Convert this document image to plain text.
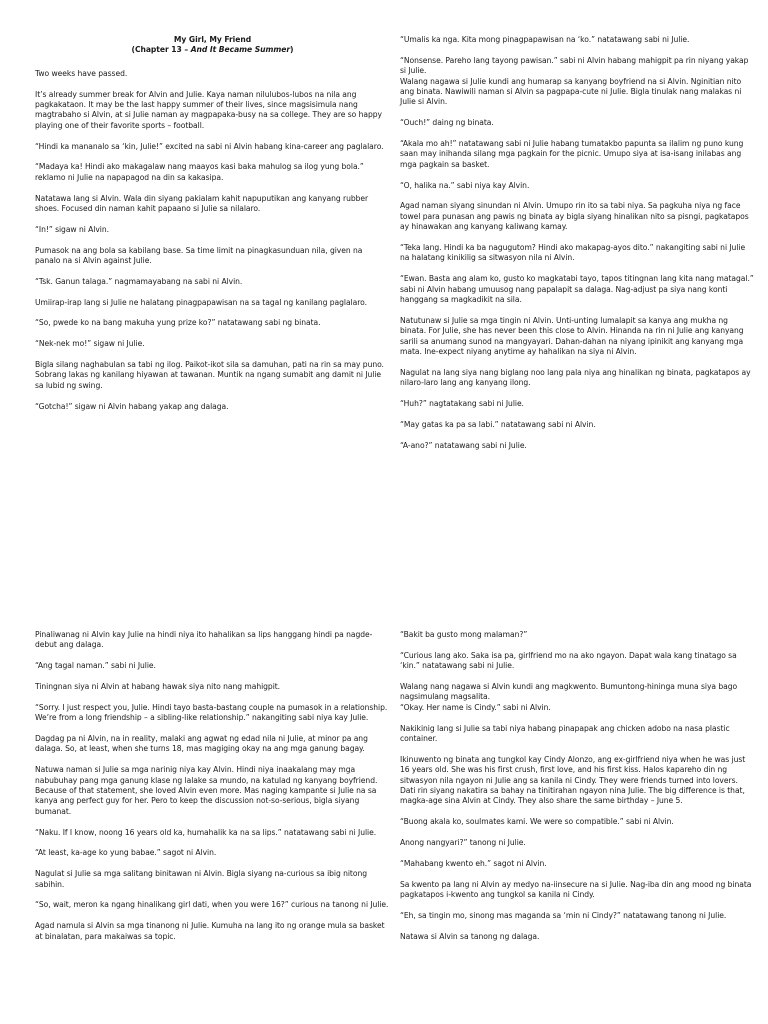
My Girl, My Friend
(Chapter 13 – And It Became Summer)

Two weeks have passed.

It’s already summer break for Alvin and Julie. Kaya naman nilulubos-lubos na nila ang pagkakataon. It may be the last happy summer of their lives, since magsisimula nang magtrabaho si Alvin, at si Julie naman ay magpapaka-busy na sa college. They are so happy playing one of their favorite sports – football.

“Hindi ka mananalo sa ‘kin, Julie!” excited na sabi ni Alvin habang kina-career ang paglalaro.

“Madaya ka! Hindi ako makagalaw nang maayos kasi baka mahulog sa ilog yung bola.” reklamo ni Julie na napapagod na din sa kakasipa.

Natatawa lang si Alvin. Wala din siyang pakialam kahit napuputikan ang kanyang rubber shoes. Focused din naman kahit papaano si Julie sa nilalaro.

“In!” sigaw ni Alvin.

Pumasok na ang bola sa kabilang base. Sa time limit na pinagkasunduan nila, given na panalo na si Alvin against Julie.

“Tsk. Ganun talaga.” nagmamayabang na sabi ni Alvin.

Umiirap-irap lang si Julie ne halatang pinagpapawisan na sa tagal ng kanilang paglalaro.

“So, pwede ko na bang makuha yung prize ko?” natatawang sabi ng binata.

“Nek-nek mo!” sigaw ni Julie.

Bigla silang naghabulan sa tabi ng ilog. Paikot-ikot sila sa damuhan, pati na rin sa may puno. Sobrang lakas ng kanilang hiyawan at tawanan. Muntik na ngang sumabit ang damit ni Julie sa lubid ng swing.

“Gotcha!” sigaw ni Alvin habang yakap ang dalaga.

“Umalis ka nga. Kita mong pinagpapawisan na ‘ko.” natatawang sabi ni Julie.

“Nonsense. Pareho lang tayong pawisan.” sabi ni Alvin habang mahigpit pa rin niyang yakap si Julie.
Walang nagawa si Julie kundi ang humarap sa kanyang boyfriend na si Alvin. Nginitian nito ang binata. Nawiwili naman si Alvin sa pagpapa-cute ni Julie. Bigla tinulak nang malakas ni Julie si Alvin.

“Ouch!” daing ng binata.

“Akala mo ah!” natatawang sabi ni Julie habang tumatakbo papunta sa ilalim ng puno kung saan may inihanda silang mga pagkain for the picnic. Umupo siya at isa-isang inilabas ang mga pagkain sa basket.

“O, halika na.” sabi niya kay Alvin.

Agad naman siyang sinundan ni Alvin. Umupo rin ito sa tabi niya. Sa pagkuha niya ng face towel para punasan ang pawis ng binata ay bigla siyang hinalikan nito sa pisngi, pagkatapos ay hinawakan ang kanyang kaliwang kamay.

“Teka lang. Hindi ka ba nagugutom? Hindi ako makapag-ayos dito.” nakangiting sabi ni Julie na halatang kinikilig sa sitwasyon nila ni Alvin.

“Ewan. Basta ang alam ko, gusto ko magkatabi tayo, tapos titingnan lang kita nang matagal.” sabi ni Alvin habang umuusog nang papalapit sa dalaga. Nag-adjust pa siya nang konti hanggang sa magkadikit na sila.

Natutunaw si Julie sa mga tingin ni Alvin. Unti-unting lumalapit sa kanya ang mukha ng binata. For Julie, she has never been this close to Alvin. Hinanda na rin ni Julie ang kanyang sarili sa anumang sunod na mangyayari. Dahan-dahan na niyang ipinikit ang kanyang mga mata. Ine-expect niyang anytime ay hahalikan na siya ni Alvin.

Nagulat na lang siya nang biglang noo lang pala niya ang hinalikan ng binata, pagkatapos ay nilaro-laro lang ang kanyang ilong.

“Huh?” nagtatakang sabi ni Julie.

“May gatas ka pa sa labi.” natatawang sabi ni Alvin.

“A-ano?” natatawang sabi ni Julie.

Pinaliwanag ni Alvin kay Julie na hindi niya ito hahalikan sa lips hanggang hindi pa nagde-debut ang dalaga.

“Ang tagal naman.” sabi ni Julie.

Tiningnan siya ni Alvin at habang hawak siya nito nang mahigpit.

“Sorry. I just respect you, Julie. Hindi tayo basta-bastang couple na pumasok in a relationship. We’re from a long friendship – a sibling-like relationship.” nakangiting sabi niya kay Julie.

Dagdag pa ni Alvin, na in reality, malaki ang agwat ng edad nila ni Julie, at minor pa ang dalaga. So, at least, when she turns 18, mas magiging okay na ang mga ganung bagay.

Natuwa naman si Julie sa mga narinig niya kay Alvin. Hindi niya inaakalang may mga nabubuhay pang mga ganung klase ng lalake sa mundo, na katulad ng kanyang boyfriend. Because of that statement, she loved Alvin even more. Mas naging kampante si Julie na sa kanya ang perfect guy for her. Pero to keep the discussion not-so-serious, bigla siyang bumanat.

“Naku. If I know, noong 16 years old ka, humahalik ka na sa lips.” natatawang sabi ni Julie.

“At least, ka-age ko yung babae.” sagot ni Alvin.

Nagulat si Julie sa mga salitang binitawan ni Alvin. Bigla siyang na-curious sa ibig nitong sabihin.

“So, wait, meron ka ngang hinalikang girl dati, when you were 16?” curious na tanong ni Julie.

Agad namula si Alvin sa mga tinanong ni Julie. Kumuha na lang ito ng orange mula sa basket at binalatan, para makaiwas sa topic.

“Bakit ba gusto mong malaman?”

“Curious lang ako. Saka isa pa, girlfriend mo na ako ngayon. Dapat wala kang tinatago sa ‘kin.” natatawang sabi ni Julie.

Walang nang nagawa si Alvin kundi ang magkwento. Bumuntong-hininga muna siya bago nagsimulang magsalita.
“Okay. Her name is Cindy.” sabi ni Alvin.

Nakikinig lang si Julie sa tabi niya habang pinapapak ang chicken adobo na nasa plastic container.

Ikinuwento ng binata ang tungkol kay Cindy Alonzo, ang ex-girlfriend niya when he was just 16 years old. She was his first crush, first love, and his first kiss. Halos kapareho din ng sitwasyon nila ngayon ni Julie ang sa kanila ni Cindy. They were friends turned into lovers. Dati rin siyang nakatira sa bahay na tinitirahan ngayon nina Julie. The big difference is that, magka-age sina Alvin at Cindy. They also share the same birthday – June 5.

“Buong akala ko, soulmates kami. We were so compatible.” sabi ni Alvin.

Anong nangyari?” tanong ni Julie.

“Mahabang kwento eh.” sagot ni Alvin.

Sa kwento pa lang ni Alvin ay medyo na-iinsecure na si Julie. Nag-iba din ang mood ng binata pagkatapos i-kwento ang tungkol sa kanila ni Cindy.

“Eh, sa tingin mo, sinong mas maganda sa ‘min ni Cindy?” natatawang tanong ni Julie.

Natawa si Alvin sa tanong ng dalaga.
